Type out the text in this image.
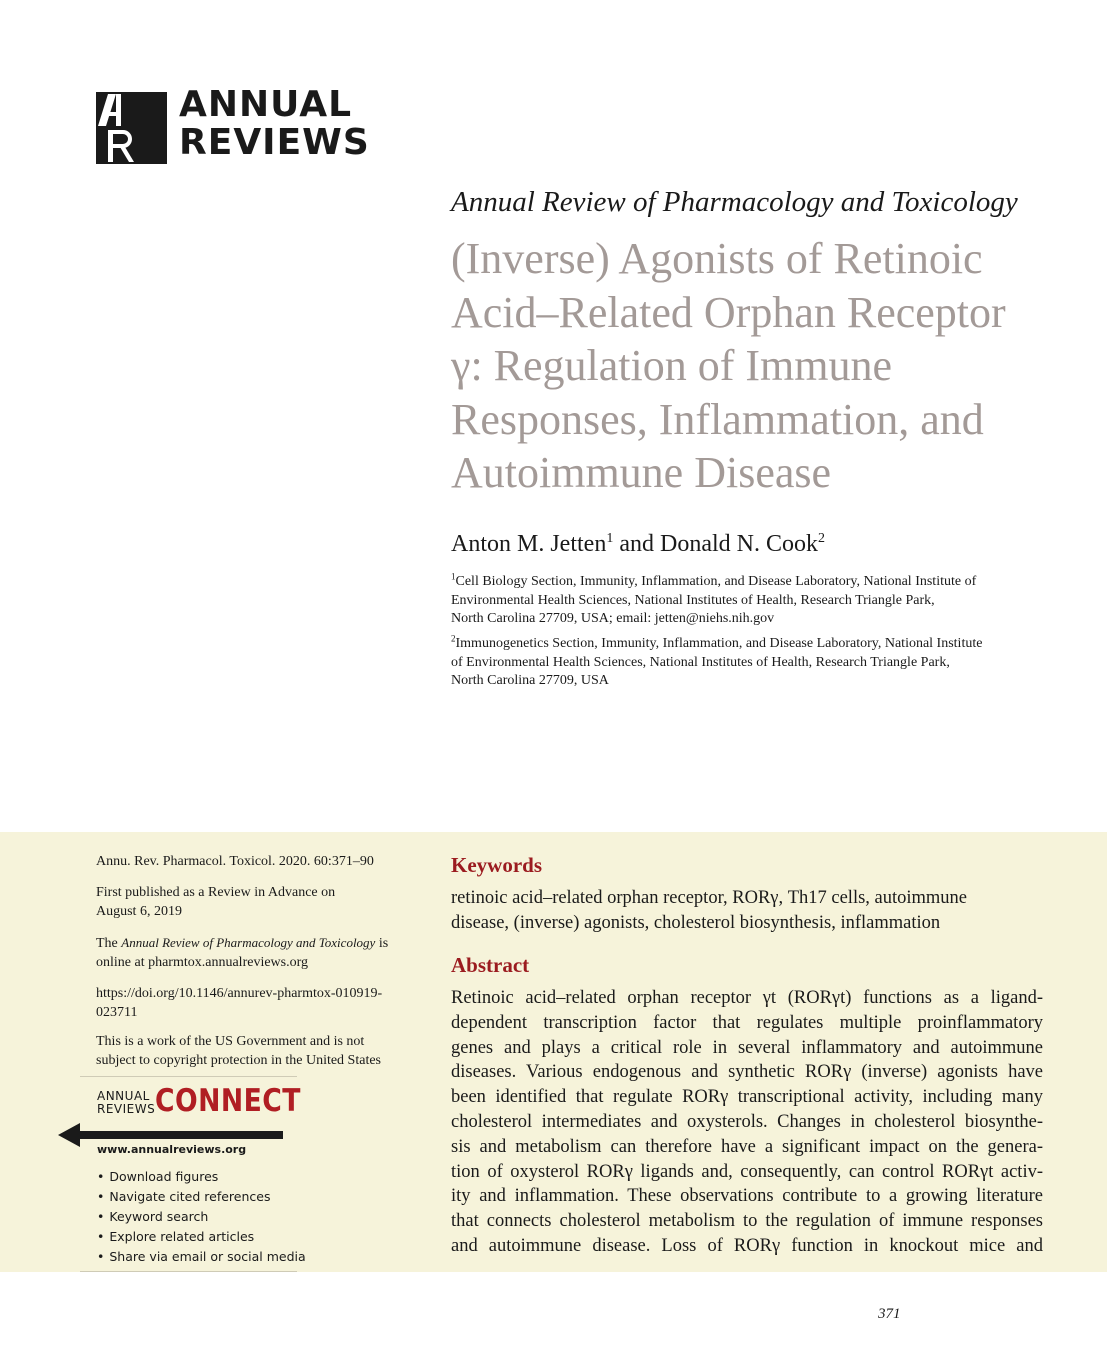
ANNUAL
REVIEWS
Annual Review of Pharmacology and Toxicology
(Inverse) Agonists of Retinoic
Acid–Related Orphan Receptor
γ: Regulation of Immune
Responses, Inflammation, and
Autoimmune Disease
Anton M. Jetten$^1$ and Donald N. Cook$^2$
$^1$Cell Biology Section, Immunity, Inflammation, and Disease Laboratory, National Institute of
Environmental Health Sciences, National Institutes of Health, Research Triangle Park,
North Carolina 27709, USA; email: jetten@niehs.nih.gov
$^2$Immunogenetics Section, Immunity, Inflammation, and Disease Laboratory, National Institute
of Environmental Health Sciences, National Institutes of Health, Research Triangle Park,
North Carolina 27709, USA
Annu. Rev. Pharmacol. Toxicol. 2020. 60:371–90
First published as a Review in Advance on
August 6, 2019
The Annual Review of Pharmacology and Toxicology is
online at pharmtox.annualreviews.org
https://doi.org/10.1146/annurev-pharmtox-010919-
023711
This is a work of the US Government and is not
subject to copyright protection in the United States
ANNUAL
REVIEWS CONNECT
www.annualreviews.org
• Download figures
• Navigate cited references
• Keyword search
• Explore related articles
• Share via email or social media
Keywords
retinoic acid–related orphan receptor, RORγ, Th17 cells, autoimmune
disease, (inverse) agonists, cholesterol biosynthesis, inflammation
Abstract
Retinoic acid–related orphan receptor γt (RORγt) functions as a ligand-
dependent transcription factor that regulates multiple proinflammatory
genes and plays a critical role in several inflammatory and autoimmune
diseases. Various endogenous and synthetic RORγ (inverse) agonists have
been identified that regulate RORγ transcriptional activity, including many
cholesterol intermediates and oxysterols. Changes in cholesterol biosynthe-
sis and metabolism can therefore have a significant impact on the genera-
tion of oxysterol RORγ ligands and, consequently, can control RORγt activ-
ity and inflammation. These observations contribute to a growing literature
that connects cholesterol metabolism to the regulation of immune responses
and autoimmune disease. Loss of RORγ function in knockout mice and
371
